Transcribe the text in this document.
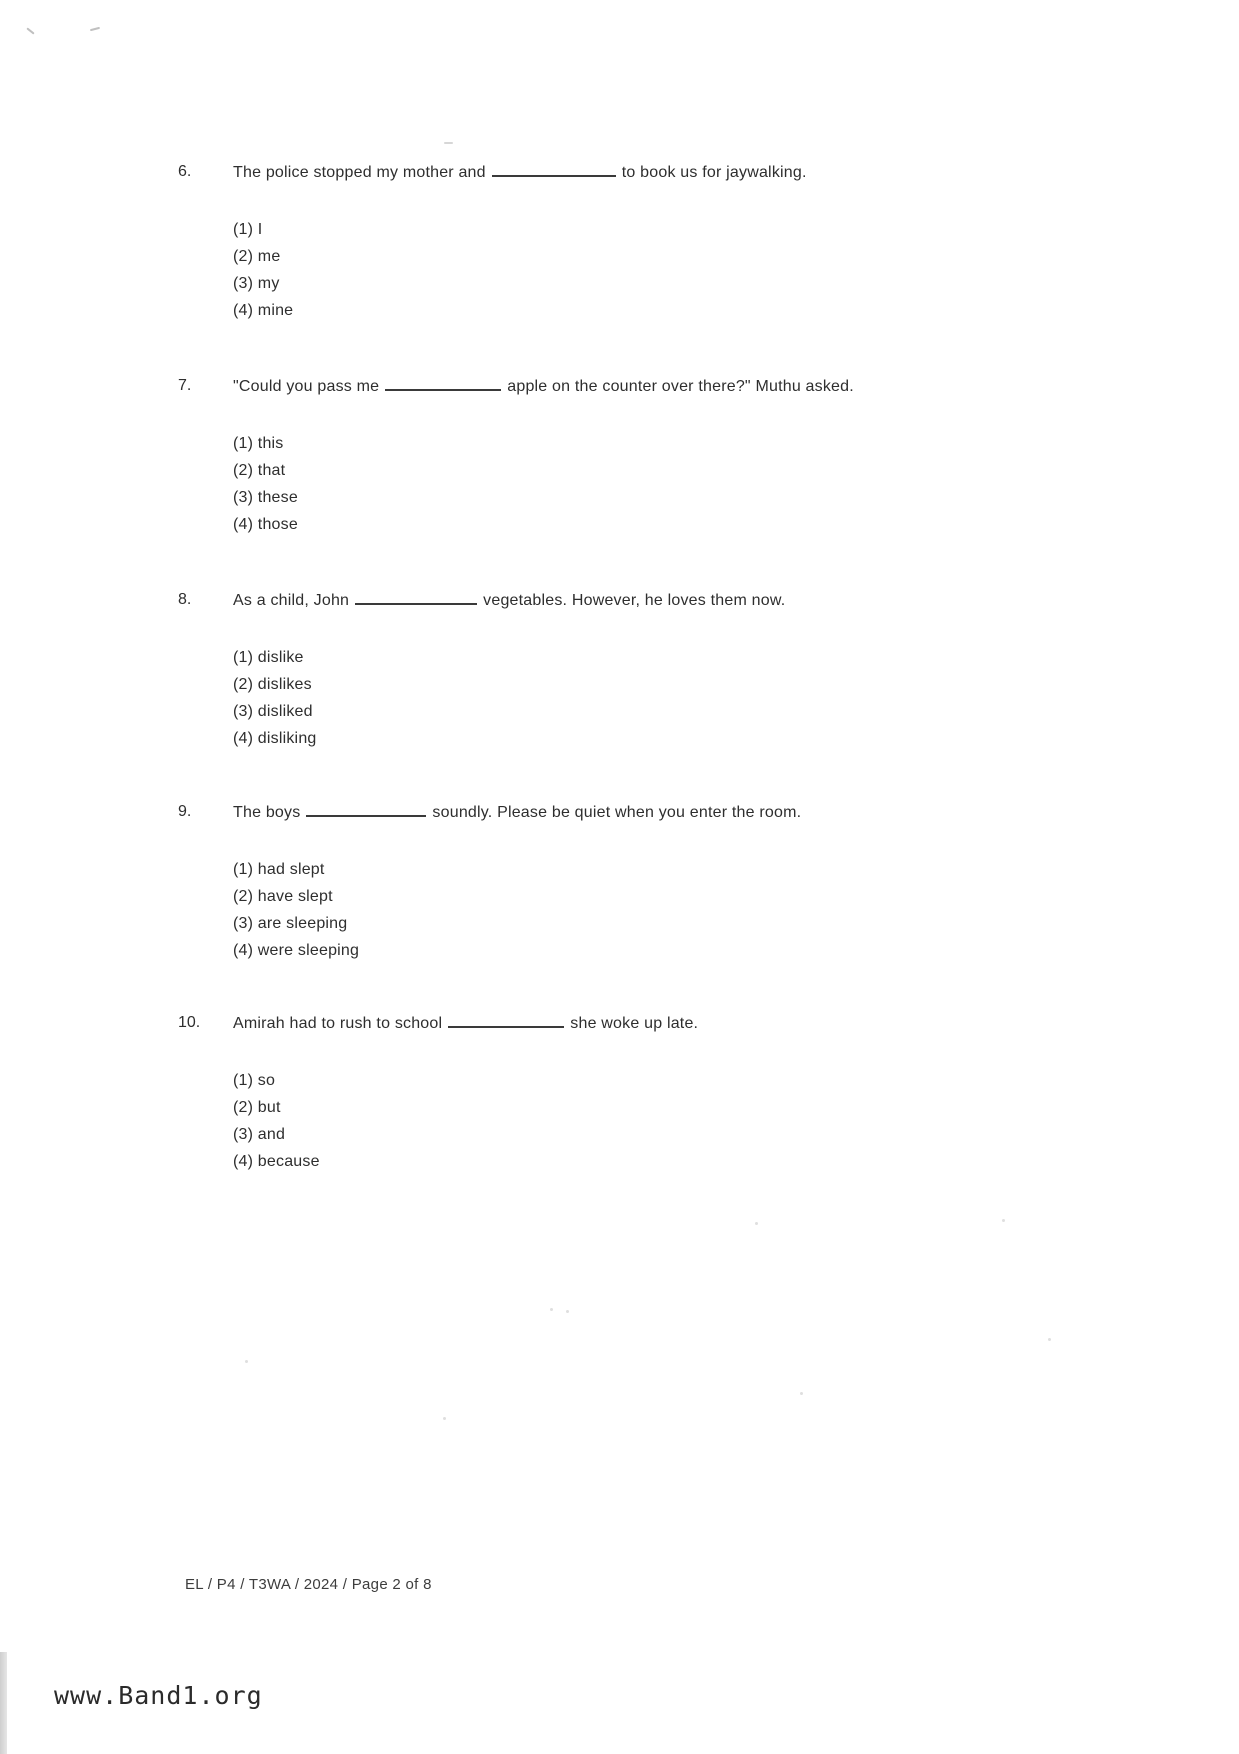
6.	The police stopped my mother and	to book us for jaywalking.
(1) I
(2) me
(3) my
(4) mine
7.	"Could you pass me	apple on the counter over there?" Muthu asked.
(1) this
(2) that
(3) these
(4) those
8.	As a child, John	vegetables. However, he loves them now.
(1) dislike
(2) dislikes
(3) disliked
(4) disliking
9.	The boys	soundly. Please be quiet when you enter the room.
(1) had slept
(2) have slept
(3) are sleeping
(4) were sleeping
10. Amirah had to rush to school	she woke up late.
(1) so
(2) but
(3) and
(4) because
EL / P4 / T3WA / 2024 / Page 2 of 8
www.Band1.org
